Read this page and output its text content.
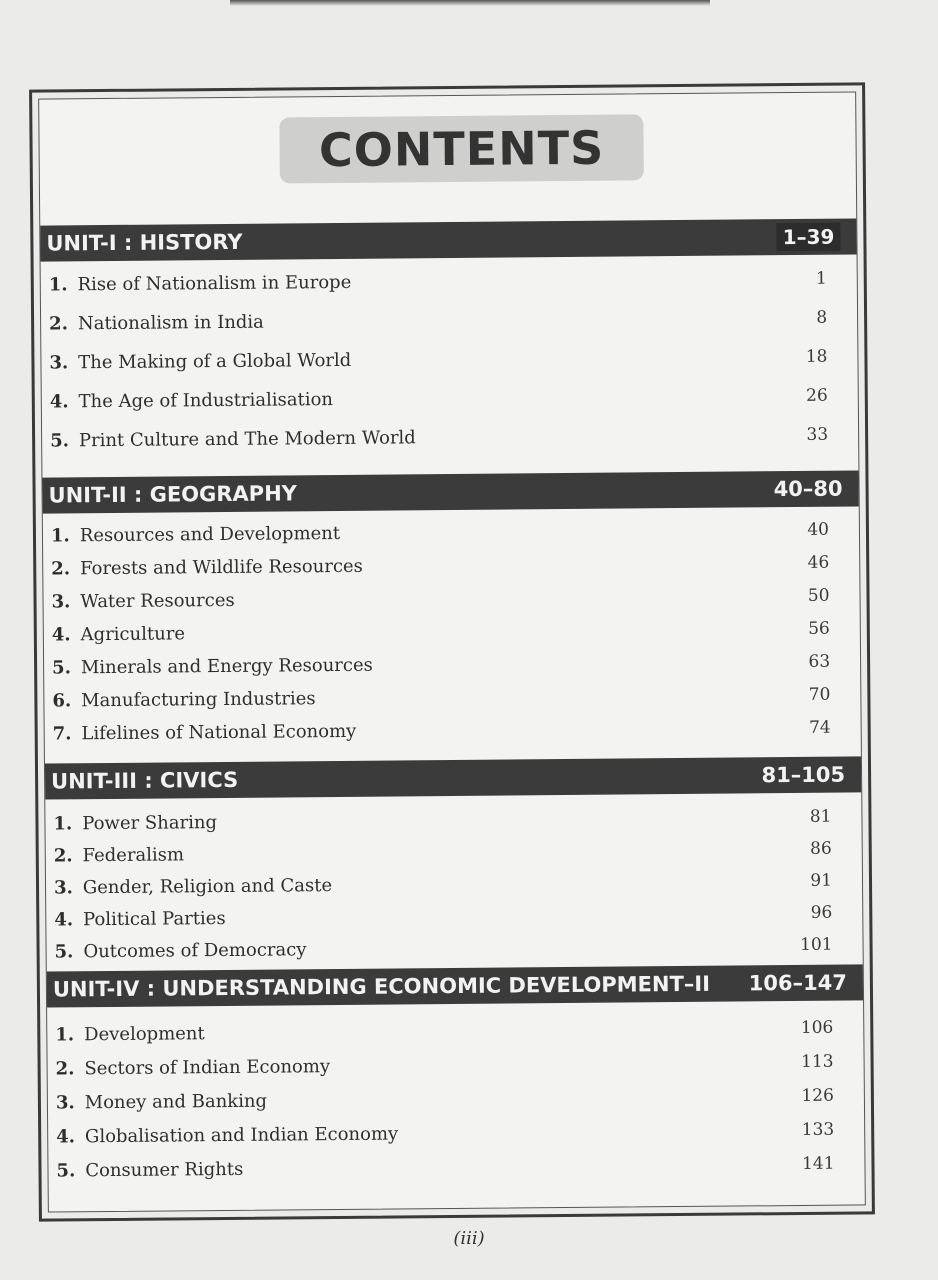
CONTENTS
UNIT-I : HISTORY	1–39
1. Rise of Nationalism in Europe	1
2. Nationalism in India	8
3. The Making of a Global World	18
4. The Age of Industrialisation	26
5. Print Culture and The Modern World	33
UNIT-II : GEOGRAPHY	40–80
1. Resources and Development	40
2. Forests and Wildlife Resources	46
3. Water Resources	50
4. Agriculture	56
5. Minerals and Energy Resources	63
6. Manufacturing Industries	70
7. Lifelines of National Economy	74
UNIT-III : CIVICS	81–105
1. Power Sharing	81
2. Federalism	86
3. Gender, Religion and Caste	91
4. Political Parties	96
5. Outcomes of Democracy	101
UNIT-IV : UNDERSTANDING ECONOMIC DEVELOPMENT–II 106–147
1. Development	106
2. Sectors of Indian Economy	113
3. Money and Banking	126
4. Globalisation and Indian Economy	133
5. Consumer Rights	141
(iii)
